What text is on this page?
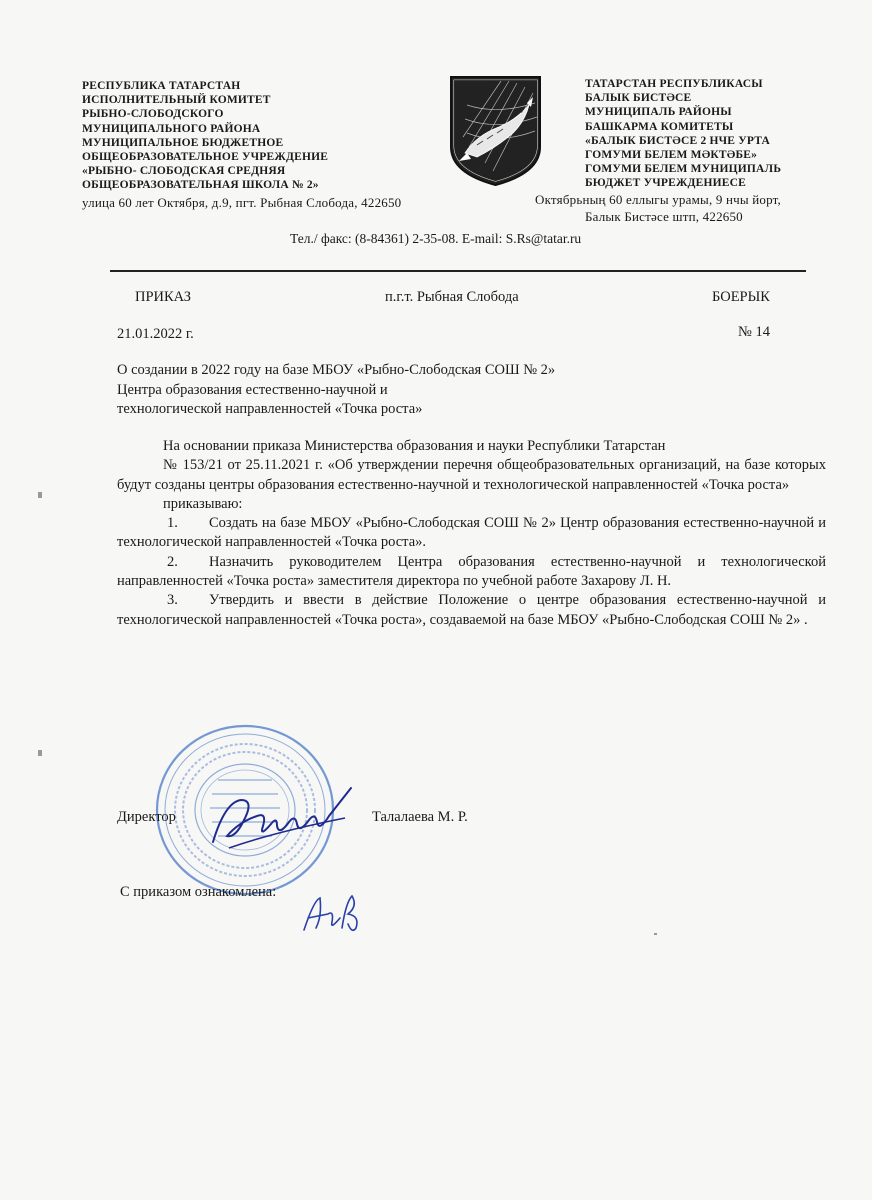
РЕСПУБЛИКА ТАТАРСТАН
ИСПОЛНИТЕЛЬНЫЙ КОМИТЕТ
РЫБНО-СЛОБОДСКОГО
МУНИЦИПАЛЬНОГО РАЙОНА
МУНИЦИПАЛЬНОЕ БЮДЖЕТНОЕ
ОБЩЕОБРАЗОВАТЕЛЬНОЕ УЧРЕЖДЕНИЕ
«РЫБНО- СЛОБОДСКАЯ СРЕДНЯЯ
ОБЩЕОБРАЗОВАТЕЛЬНАЯ ШКОЛА № 2»
улица 60 лет Октября, д.9, пгт. Рыбная Слобода, 422650
ТАТАРСТАН РЕСПУБЛИКАСЫ
БАЛЫК БИСТӘСЕ
МУНИЦИПАЛЬ РАЙОНЫ
БАШКАРМА КОМИТЕТЫ
«БАЛЫК БИСТӘСЕ 2 НЧЕ УРТА
ГОМУМИ БЕЛЕМ МӘКТӘБЕ»
ГОМУМИ БЕЛЕМ МУНИЦИПАЛЬ
БЮДЖЕТ УЧРЕЖДЕНИЕСЕ
Октябрьның 60 еллыгы урамы, 9 нчы йорт,
Балык Бистәсе штп, 422650
Тел./ факс: (8-84361) 2-35-08. E-mail: S.Rs@tatar.ru
ПРИКАЗ	п.г.т. Рыбная Слобода	БОЕРЫК
21.01.2022 г.	№ 14
О создании в 2022 году на базе МБОУ «Рыбно-Слободская СОШ № 2»
Центра образования естественно-научной и
технологической направленностей «Точка роста»
На основании приказа Министерства образования и науки Республики Татарстан
№ 153/21 от 25.11.2021 г. «Об утверждении перечня общеобразовательных организаций, на базе которых будут созданы центры образования естественно-научной и технологической направленностей «Точка роста»
приказываю:
1. Создать на базе МБОУ «Рыбно-Слободская СОШ № 2» Центр образования естественно-научной и технологической направленностей «Точка роста».
2. Назначить руководителем Центра образования естественно-научной и технологической направленностей «Точка роста» заместителя директора по учебной работе Захарову Л. Н.
3. Утвердить и ввести в действие Положение о центре образования естественно-научной и технологической направленностей «Точка роста», создаваемой на базе МБОУ «Рыбно-Слободская СОШ № 2» .
Директор	Талалаева М. Р.
С приказом ознакомлена:
